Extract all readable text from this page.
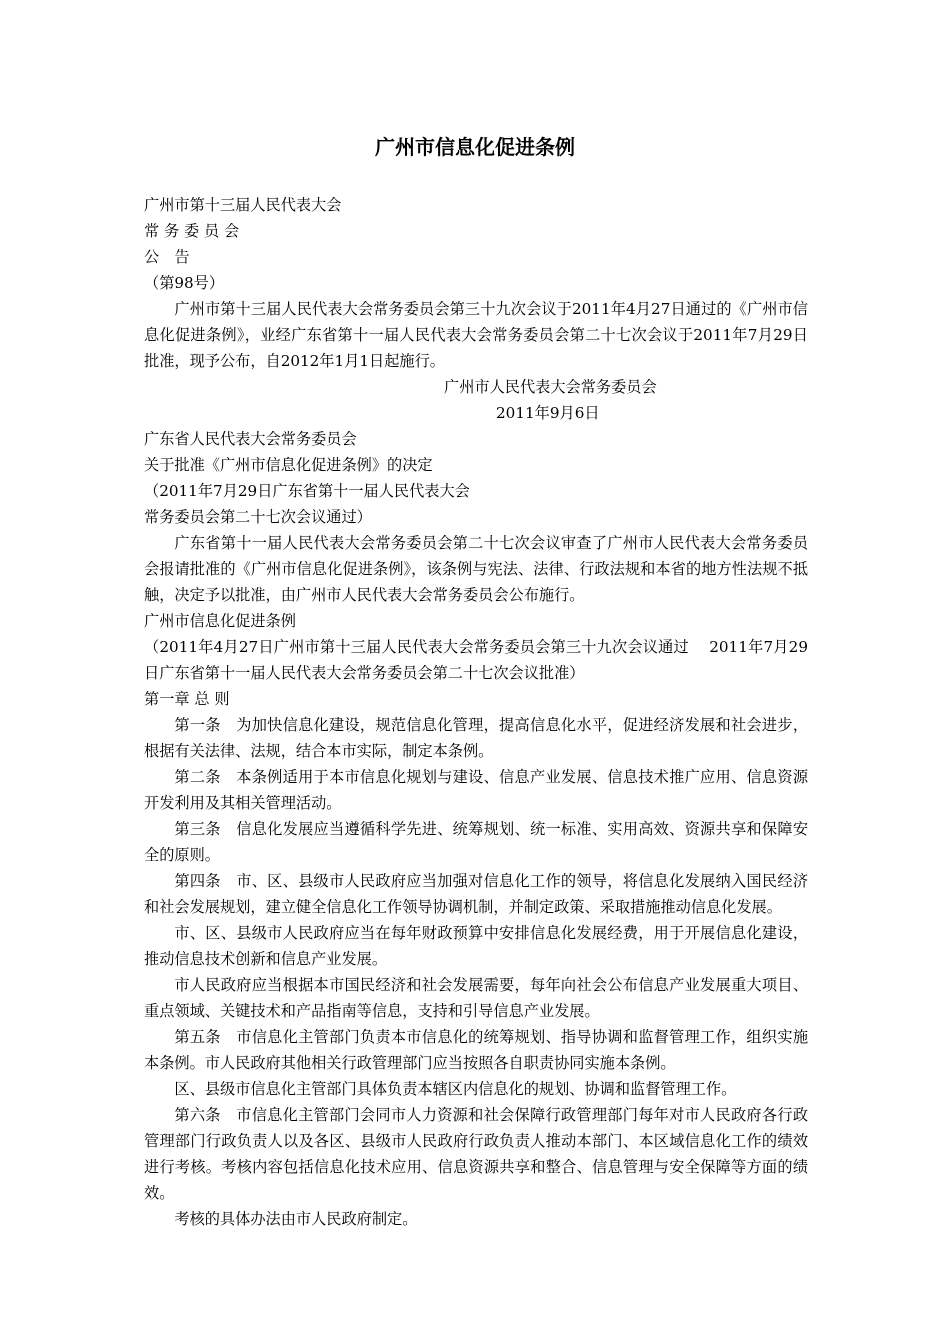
广州市信息化促进条例

广州市第十三届人民代表大会

常 务 委 员 会

公　告

（第98号）

广州市第十三届人民代表大会常务委员会第三十九次会议于2011年4月27日通过的《广州市信息化促进条例》，业经广东省第十一届人民代表大会常务委员会第二十七次会议于2011年7月29日批准，现予公布，自2012年1月1日起施行。

广州市人民代表大会常务委员会

2011年9月6日

广东省人民代表大会常务委员会

关于批准《广州市信息化促进条例》的决定

（2011年7月29日广东省第十一届人民代表大会

常务委员会第二十七次会议通过）

广东省第十一届人民代表大会常务委员会第二十七次会议审查了广州市人民代表大会常务委员会报请批准的《广州市信息化促进条例》，该条例与宪法、法律、行政法规和本省的地方性法规不抵触，决定予以批准，由广州市人民代表大会常务委员会公布施行。

广州市信息化促进条例

（2011年4月27日广州市第十三届人民代表大会常务委员会第三十九次会议通过　 2011年7月29日广东省第十一届人民代表大会常务委员会第二十七次会议批准）

第一章 总 则

第一条　为加快信息化建设，规范信息化管理，提高信息化水平，促进经济发展和社会进步，根据有关法律、法规，结合本市实际，制定本条例。

第二条　本条例适用于本市信息化规划与建设、信息产业发展、信息技术推广应用、信息资源开发利用及其相关管理活动。

第三条　信息化发展应当遵循科学先进、统筹规划、统一标准、实用高效、资源共享和保障安全的原则。

第四条　市、区、县级市人民政府应当加强对信息化工作的领导，将信息化发展纳入国民经济和社会发展规划，建立健全信息化工作领导协调机制，并制定政策、采取措施推动信息化发展。

市、区、县级市人民政府应当在每年财政预算中安排信息化发展经费，用于开展信息化建设，推动信息技术创新和信息产业发展。

市人民政府应当根据本市国民经济和社会发展需要，每年向社会公布信息产业发展重大项目、重点领域、关键技术和产品指南等信息，支持和引导信息产业发展。

第五条　市信息化主管部门负责本市信息化的统筹规划、指导协调和监督管理工作，组织实施本条例。市人民政府其他相关行政管理部门应当按照各自职责协同实施本条例。

区、县级市信息化主管部门具体负责本辖区内信息化的规划、协调和监督管理工作。

第六条　市信息化主管部门会同市人力资源和社会保障行政管理部门每年对市人民政府各行政管理部门行政负责人以及各区、县级市人民政府行政负责人推动本部门、本区域信息化工作的绩效进行考核。考核内容包括信息化技术应用、信息资源共享和整合、信息管理与安全保障等方面的绩效。

考核的具体办法由市人民政府制定。
